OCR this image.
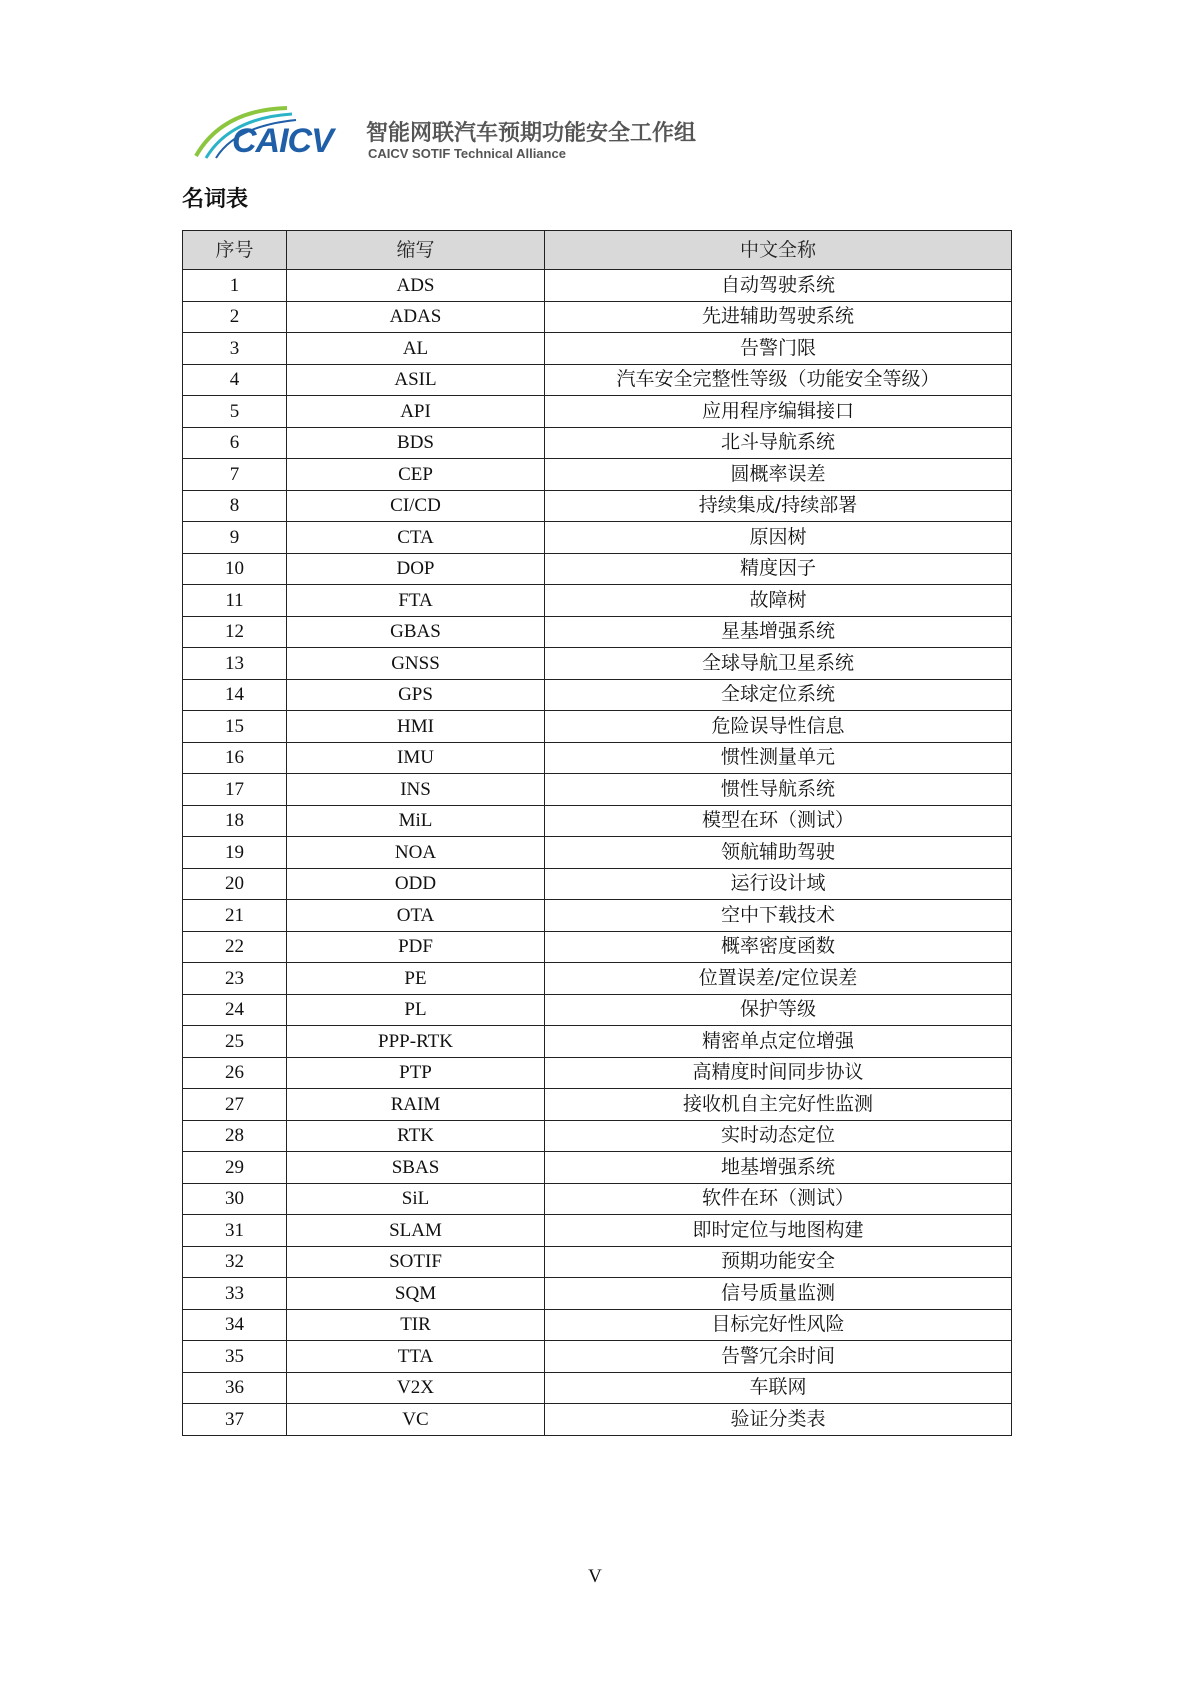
CAICV 智能网联汽车预期功能安全工作组
CAICV SOTIF Technical Alliance
名词表
序号	缩写	中文全称
1	ADS	自动驾驶系统
2	ADAS	先进辅助驾驶系统
3	AL	告警门限
4	ASIL	汽车安全完整性等级（功能安全等级）
5	API	应用程序编辑接口
6	BDS	北斗导航系统
7	CEP	圆概率误差
8	CI/CD	持续集成/持续部署
9	CTA	原因树
10	DOP	精度因子
11	FTA	故障树
12	GBAS	星基增强系统
13	GNSS	全球导航卫星系统
14	GPS	全球定位系统
15	HMI	危险误导性信息
16	IMU	惯性测量单元
17	INS	惯性导航系统
18	MiL	模型在环（测试）
19	NOA	领航辅助驾驶
20	ODD	运行设计域
21	OTA	空中下载技术
22	PDF	概率密度函数
23	PE	位置误差/定位误差
24	PL	保护等级
25	PPP-RTK	精密单点定位增强
26	PTP	高精度时间同步协议
27	RAIM	接收机自主完好性监测
28	RTK	实时动态定位
29	SBAS	地基增强系统
30	SiL	软件在环（测试）
31	SLAM	即时定位与地图构建
32	SOTIF	预期功能安全
33	SQM	信号质量监测
34	TIR	目标完好性风险
35	TTA	告警冗余时间
36	V2X	车联网
37	VC	验证分类表
V
